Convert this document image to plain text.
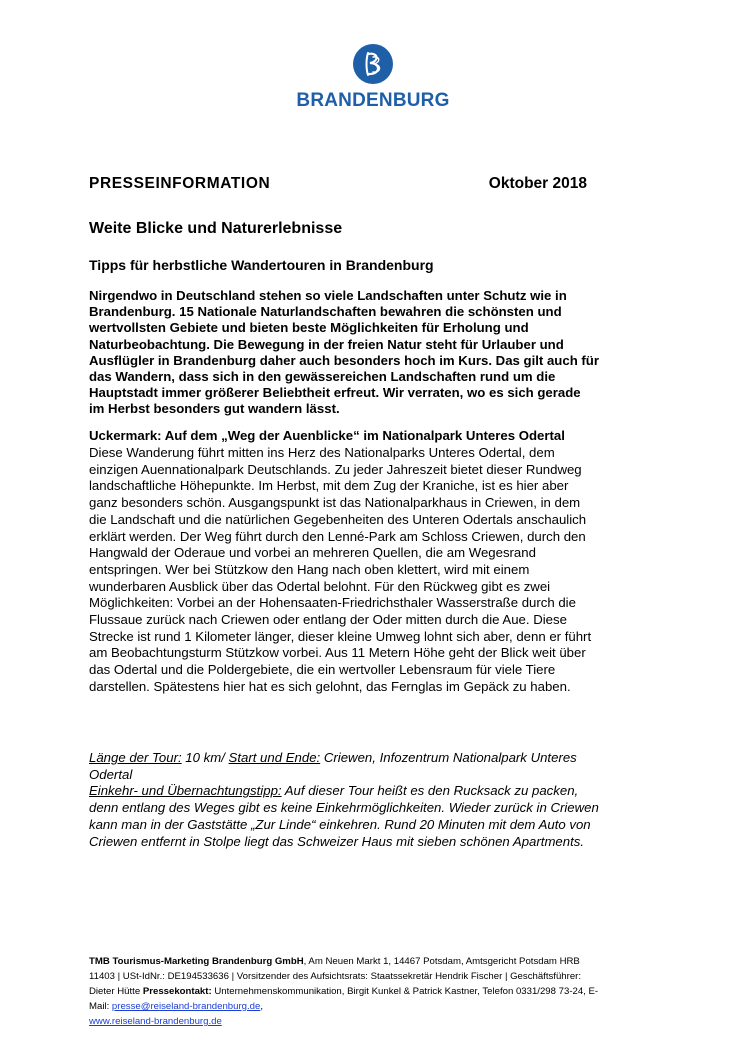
BRANDENBURG
PRESSEINFORMATION	Oktober 2018
Weite Blicke und Naturerlebnisse
Tipps für herbstliche Wandertouren in Brandenburg

Nirgendwo in Deutschland stehen so viele Landschaften unter Schutz wie in Brandenburg. 15 Nationale Naturlandschaften bewahren die schönsten und wertvollsten Gebiete und bieten beste Möglichkeiten für Erholung und Naturbeobachtung. Die Bewegung in der freien Natur steht für Urlauber und Ausflügler in Brandenburg daher auch besonders hoch im Kurs. Das gilt auch für das Wandern, dass sich in den gewässereichen Landschaften rund um die Hauptstadt immer größerer Beliebtheit erfreut. Wir verraten, wo es sich gerade im Herbst besonders gut wandern lässt.

Uckermark: Auf dem „Weg der Auenblicke“ im Nationalpark Unteres Odertal

Diese Wanderung führt mitten ins Herz des Nationalparks Unteres Odertal, dem einzigen Auennationalpark Deutschlands. Zu jeder Jahreszeit bietet dieser Rundweg landschaftliche Höhepunkte. Im Herbst, mit dem Zug der Kraniche, ist es hier aber ganz besonders schön. Ausgangspunkt ist das Nationalparkhaus in Criewen, in dem die Landschaft und die natürlichen Gegebenheiten des Unteren Odertals anschaulich erklärt werden. Der Weg führt durch den Lenné-Park am Schloss Criewen, durch den Hangwald der Oderaue und vorbei an mehreren Quellen, die am Wegesrand entspringen. Wer bei Stützkow den Hang nach oben klettert, wird mit einem wunderbaren Ausblick über das Odertal belohnt. Für den Rückweg gibt es zwei Möglichkeiten: Vorbei an der Hohensaaten-Friedrichsthaler Wasserstraße durch die Flussaue zurück nach Criewen oder entlang der Oder mitten durch die Aue. Diese Strecke ist rund 1 Kilometer länger, dieser kleine Umweg lohnt sich aber, denn er führt am Beobachtungsturm Stützkow vorbei. Aus 11 Metern Höhe geht der Blick weit über das Odertal und die Poldergebiete, die ein wertvoller Lebensraum für viele Tiere darstellen. Spätestens hier hat es sich gelohnt, das Fernglas im Gepäck zu haben.

Länge der Tour: 10 km/ Start und Ende: Criewen, Infozentrum Nationalpark Unteres Odertal
Einkehr- und Übernachtungstipp: Auf dieser Tour heißt es den Rucksack zu packen, denn entlang des Weges gibt es keine Einkehrmöglichkeiten. Wieder zurück in Criewen kann man in der Gaststätte „Zur Linde“ einkehren. Rund 20 Minuten mit dem Auto von Criewen entfernt in Stolpe liegt das Schweizer Haus mit sieben schönen Apartments.

TMB Tourismus-Marketing Brandenburg GmbH, Am Neuen Markt 1, 14467 Potsdam, Amtsgericht Potsdam HRB 11403 | USt-IdNr.: DE194533636 | Vorsitzender des Aufsichtsrats: Staatssekretär Hendrik Fischer | Geschäftsführer: Dieter Hütte Pressekontakt: Unternehmenskommunikation, Birgit Kunkel & Patrick Kastner, Telefon 0331/298 73-24, E-Mail: presse@reiseland-brandenburg.de,
www.reiseland-brandenburg.de
